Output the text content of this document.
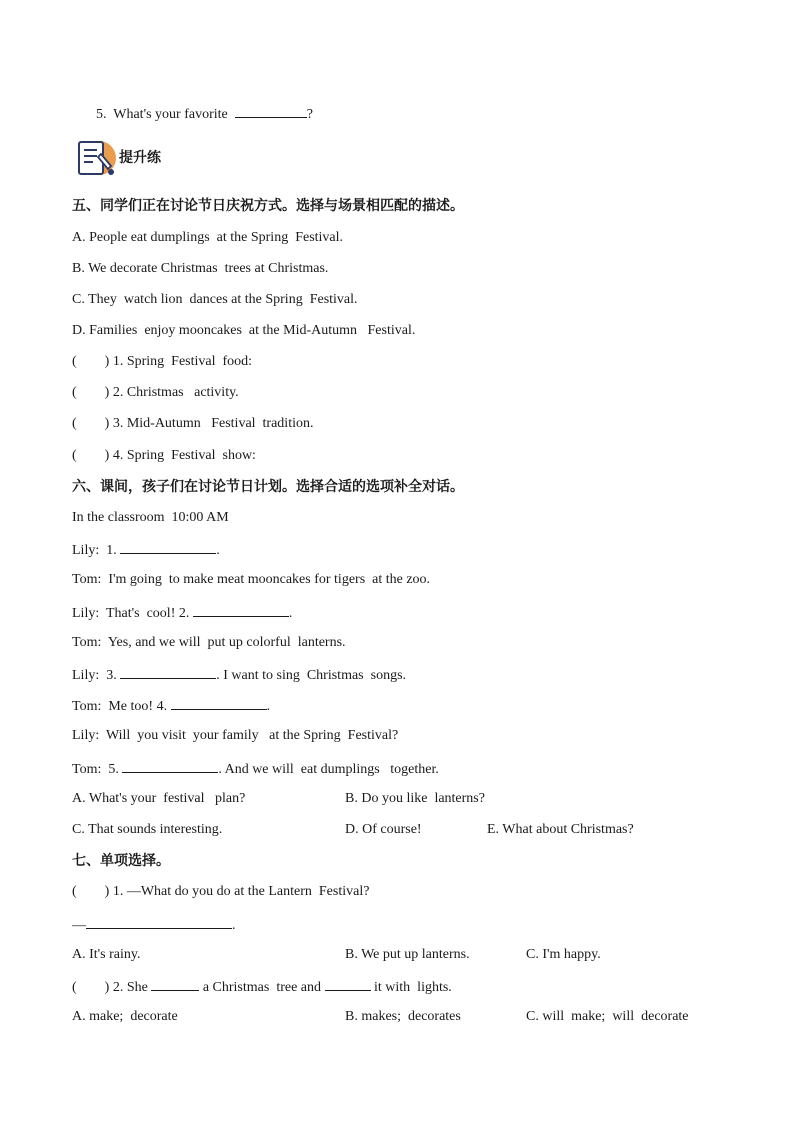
5. What's your favorite	?
提升练
五、同学们正在讨论节日庆祝方式。选择与场景相匹配的描述。
A. People eat dumplings  at the Spring  Festival.
B. We decorate Christmas  trees at Christmas.
C. They  watch lion  dances at the Spring  Festival.
D. Families  enjoy mooncakes  at the Mid-Autumn   Festival.
(        ) 1. Spring  Festival  food:
(        ) 2. Christmas   activity.
(        ) 3. Mid-Autumn   Festival  tradition.
(        ) 4. Spring  Festival  show:
六、课间，孩子们在讨论节日计划。选择合适的选项补全对话。
In the classroom  10:00 AM
Lily:  1.	.
Tom:  I'm going  to make meat mooncakes for tigers  at the zoo.
Lily:  That's  cool! 2.	.
Tom:  Yes, and we will  put up colorful  lanterns.
Lily:  3.	. I want to sing  Christmas  songs.
Tom:  Me too! 4.	.
Lily:  Will  you visit  your family   at the Spring  Festival?
Tom:  5.	. And we will  eat dumplings   together.
A. What's your  festival   plan?	B. Do you like  lanterns?
C. That sounds interesting.	D. Of course!	E. What about Christmas?
七、单项选择。
(        ) 1. —What do you do at the Lantern  Festival?
—	.
A. It's rainy.	B. We put up lanterns.	C. I'm happy.
(        ) 2. She	a Christmas  tree and	it with  lights.
A. make;  decorate	B. makes;  decorates	C. will  make;  will  decorate
